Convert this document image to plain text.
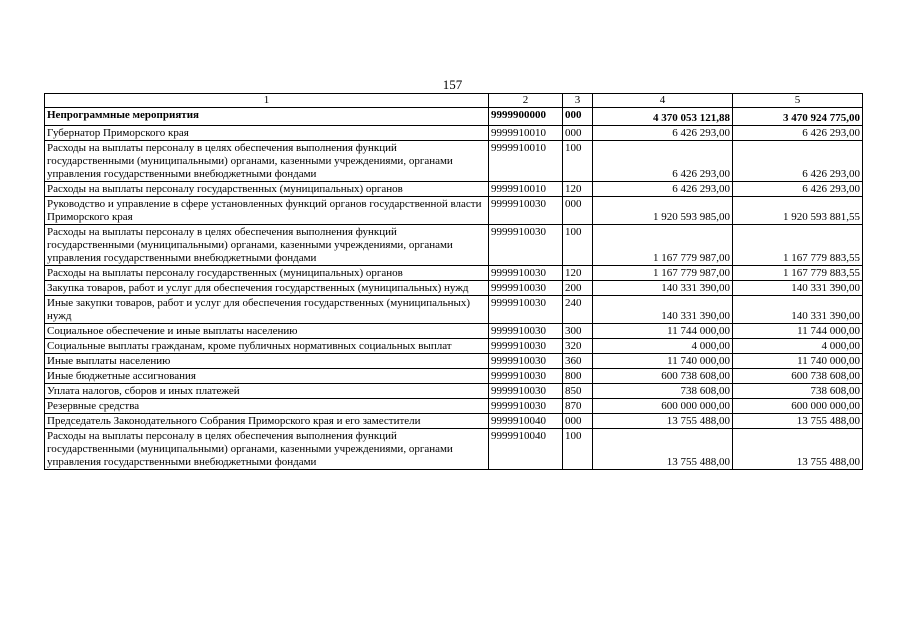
157
1	2	3	4	5
Непрограммные мероприятия	9999900000	000	4 370 053 121,88	3 470 924 775,00
Губернатор Приморского края	9999910010	000	6 426 293,00	6 426 293,00
Расходы на выплаты персоналу в целях обеспечения выполнения функций государственными (муниципальными) органами, казенными учреждениями, органами управления государственными внебюджетными фондами	9999910010	100	6 426 293,00	6 426 293,00
Расходы на выплаты персоналу государственных (муниципальных) органов	9999910010	120	6 426 293,00	6 426 293,00
Руководство и управление в сфере установленных функций органов государственной власти Приморского края	9999910030	000	1 920 593 985,00	1 920 593 881,55
Расходы на выплаты персоналу в целях обеспечения выполнения функций государственными (муниципальными) органами, казенными учреждениями, органами управления государственными внебюджетными фондами	9999910030	100	1 167 779 987,00	1 167 779 883,55
Расходы на выплаты персоналу государственных (муниципальных) органов	9999910030	120	1 167 779 987,00	1 167 779 883,55
Закупка товаров, работ и услуг для обеспечения государственных (муниципальных) нужд	9999910030	200	140 331 390,00	140 331 390,00
Иные закупки товаров, работ и услуг для обеспечения государственных (муниципальных) нужд	9999910030	240	140 331 390,00	140 331 390,00
Социальное обеспечение и иные выплаты населению	9999910030	300	11 744 000,00	11 744 000,00
Социальные выплаты гражданам, кроме публичных нормативных социальных выплат	9999910030	320	4 000,00	4 000,00
Иные выплаты населению	9999910030	360	11 740 000,00	11 740 000,00
Иные бюджетные ассигнования	9999910030	800	600 738 608,00	600 738 608,00
Уплата налогов, сборов и иных платежей	9999910030	850	738 608,00	738 608,00
Резервные средства	9999910030	870	600 000 000,00	600 000 000,00
Председатель Законодательного Собрания Приморского края и его заместители	9999910040	000	13 755 488,00	13 755 488,00
Расходы на выплаты персоналу в целях обеспечения выполнения функций государственными (муниципальными) органами, казенными учреждениями, органами управления государственными внебюджетными фондами	9999910040	100	13 755 488,00	13 755 488,00
